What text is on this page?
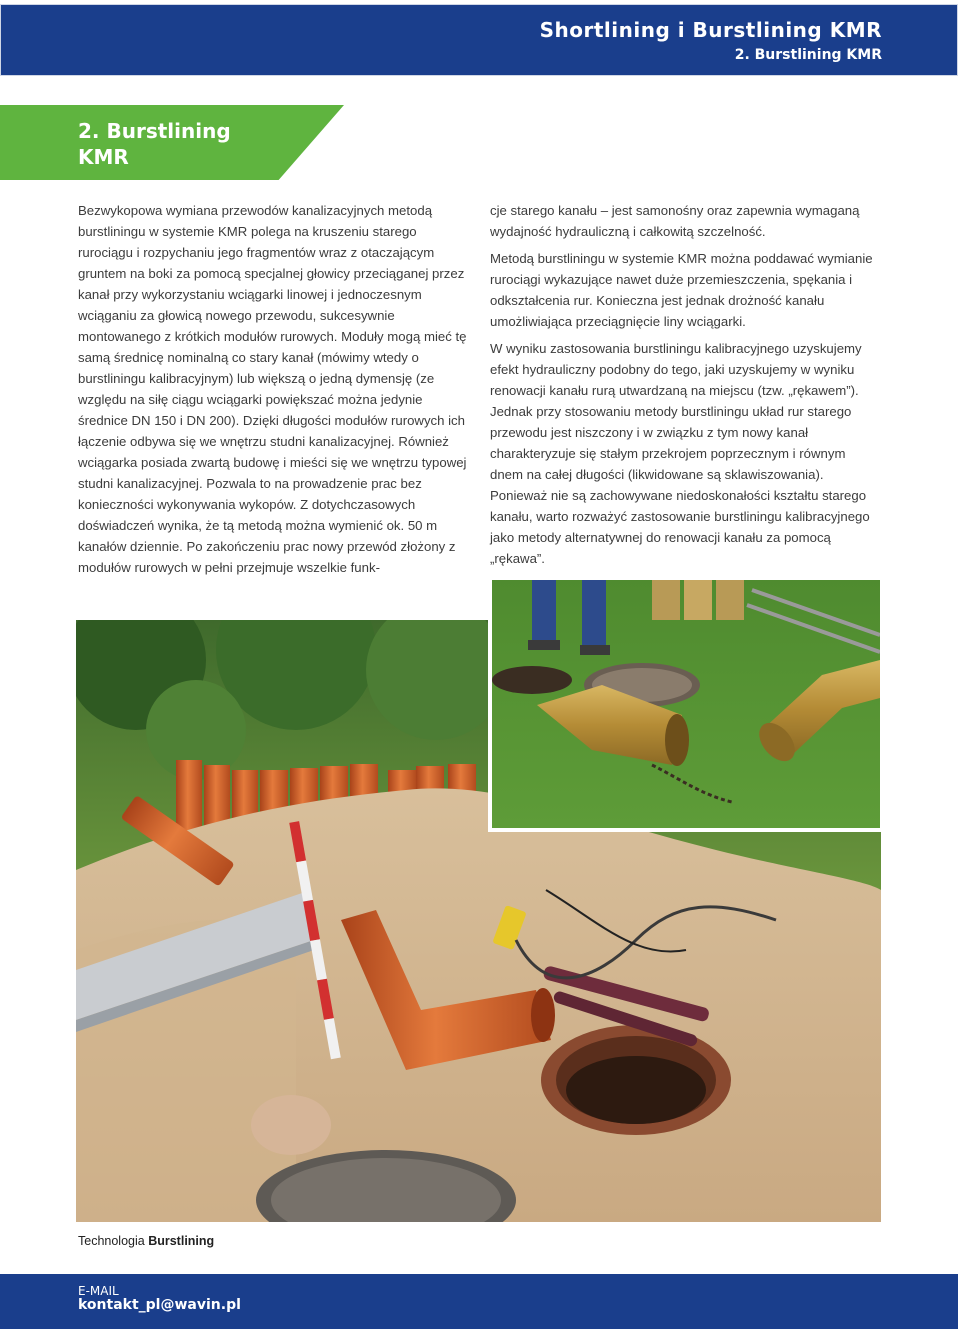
Shortlining i Burstlining KMR
2. Burstlining KMR
2. Burstlining
KMR

Bezwykopowa wymiana przewodów kanalizacyjnych metodą burstliningu w systemie KMR polega na kruszeniu starego rurociągu i rozpychaniu jego fragmentów wraz z otaczającym gruntem na boki za pomocą specjalnej głowicy przeciąganej przez kanał przy wykorzystaniu wciągarki linowej i jednoczesnym wciąganiu za głowicą nowego przewodu, sukcesywnie montowanego z krótkich modułów rurowych. Moduły mogą mieć tę samą średnicę nominalną co stary kanał (mówimy wtedy o burstliningu kalibracyjnym) lub większą o jedną dymensję (ze względu na siłę ciągu wciągarki powiększać można jedynie średnice DN 150 i DN 200). Dzięki długości modułów rurowych ich łączenie odbywa się we wnętrzu studni kanalizacyjnej. Również wciągarka posiada zwartą budowę i mieści się we wnętrzu typowej studni kanalizacyjnej. Pozwala to na prowadzenie prac bez konieczności wykonywania wykopów. Z dotychczasowych doświadczeń wynika, że tą metodą można wymienić ok. 50 m kanałów dziennie. Po zakończeniu prac nowy przewód złożony z modułów rurowych w pełni przejmuje wszelkie funk-

cje starego kanału – jest samonośny oraz zapewnia wymaganą wydajność hydrauliczną i całkowitą szczelność.

Metodą burstliningu w systemie KMR można poddawać wymianie rurociągi wykazujące nawet duże przemieszczenia, spękania i odkształcenia rur. Konieczna jest jednak drożność kanału umożliwiająca przeciągnięcie liny wciągarki.

W wyniku zastosowania burstliningu kalibracyjnego uzyskujemy efekt hydrauliczny podobny do tego, jaki uzyskujemy w wyniku renowacji kanału rurą utwardzaną na miejscu (tzw. „rękawem”). Jednak przy stosowaniu metody burstliningu układ rur starego przewodu jest niszczony i w związku z tym nowy kanał charakteryzuje się stałym przekrojem poprzecznym i równym dnem na całej długości (likwidowane są sklawiszowania). Ponieważ nie są zachowywane niedoskonałości kształtu starego kanału, warto rozważyć zastosowanie burstliningu kalibracyjnego jako metody alternatywnej do renowacji kanału za pomocą „rękawa”.

Technologia Burstlining
E-MAIL
kontakt_pl@wavin.pl
